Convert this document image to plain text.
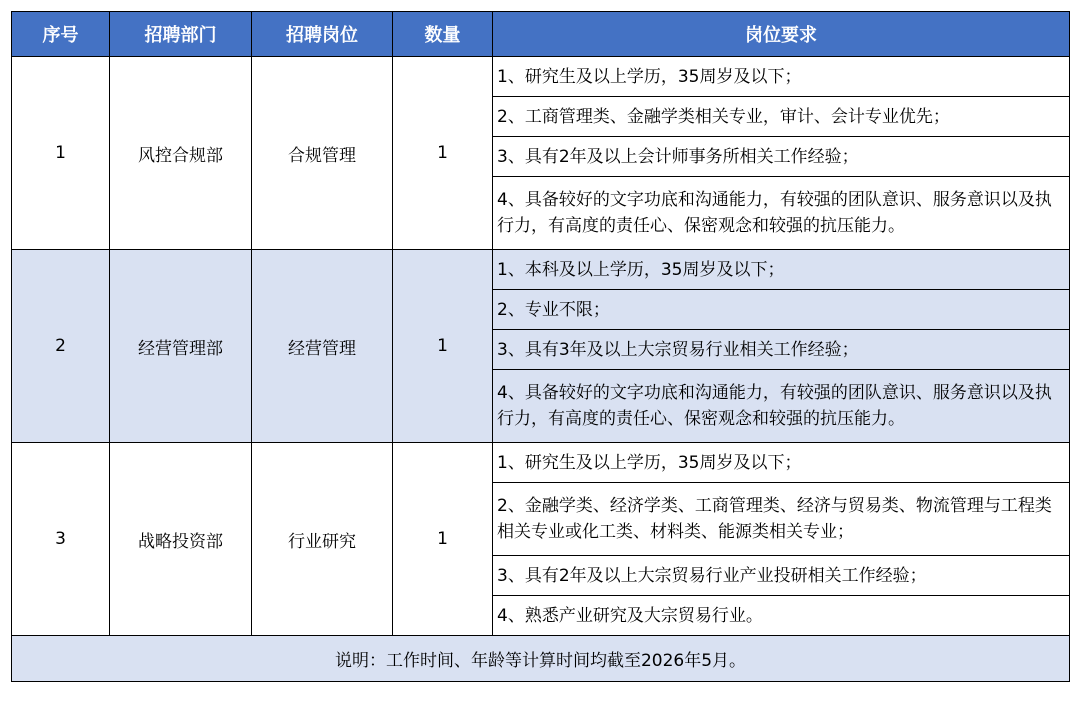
序号	招聘部门	招聘岗位	数量	岗位要求
1	风控合规部	合规管理	1	1、研究生及以上学历，35周岁及以下；
				2、工商管理类、金融学类相关专业，审计、会计专业优先；
				3、具有2年及以上会计师事务所相关工作经验；
				4、具备较好的文字功底和沟通能力，有较强的团队意识、服务意识以及执行力，有高度的责任心、保密观念和较强的抗压能力。
2	经营管理部	经营管理	1	1、本科及以上学历，35周岁及以下；
				2、专业不限；
				3、具有3年及以上大宗贸易行业相关工作经验；
				4、具备较好的文字功底和沟通能力，有较强的团队意识、服务意识以及执行力，有高度的责任心、保密观念和较强的抗压能力。
3	战略投资部	行业研究	1	1、研究生及以上学历，35周岁及以下；
				2、金融学类、经济学类、工商管理类、经济与贸易类、物流管理与工程类相关专业或化工类、材料类、能源类相关专业；
				3、具有2年及以上大宗贸易行业产业投研相关工作经验；
				4、熟悉产业研究及大宗贸易行业。
说明：工作时间、年龄等计算时间均截至2026年5月。				
